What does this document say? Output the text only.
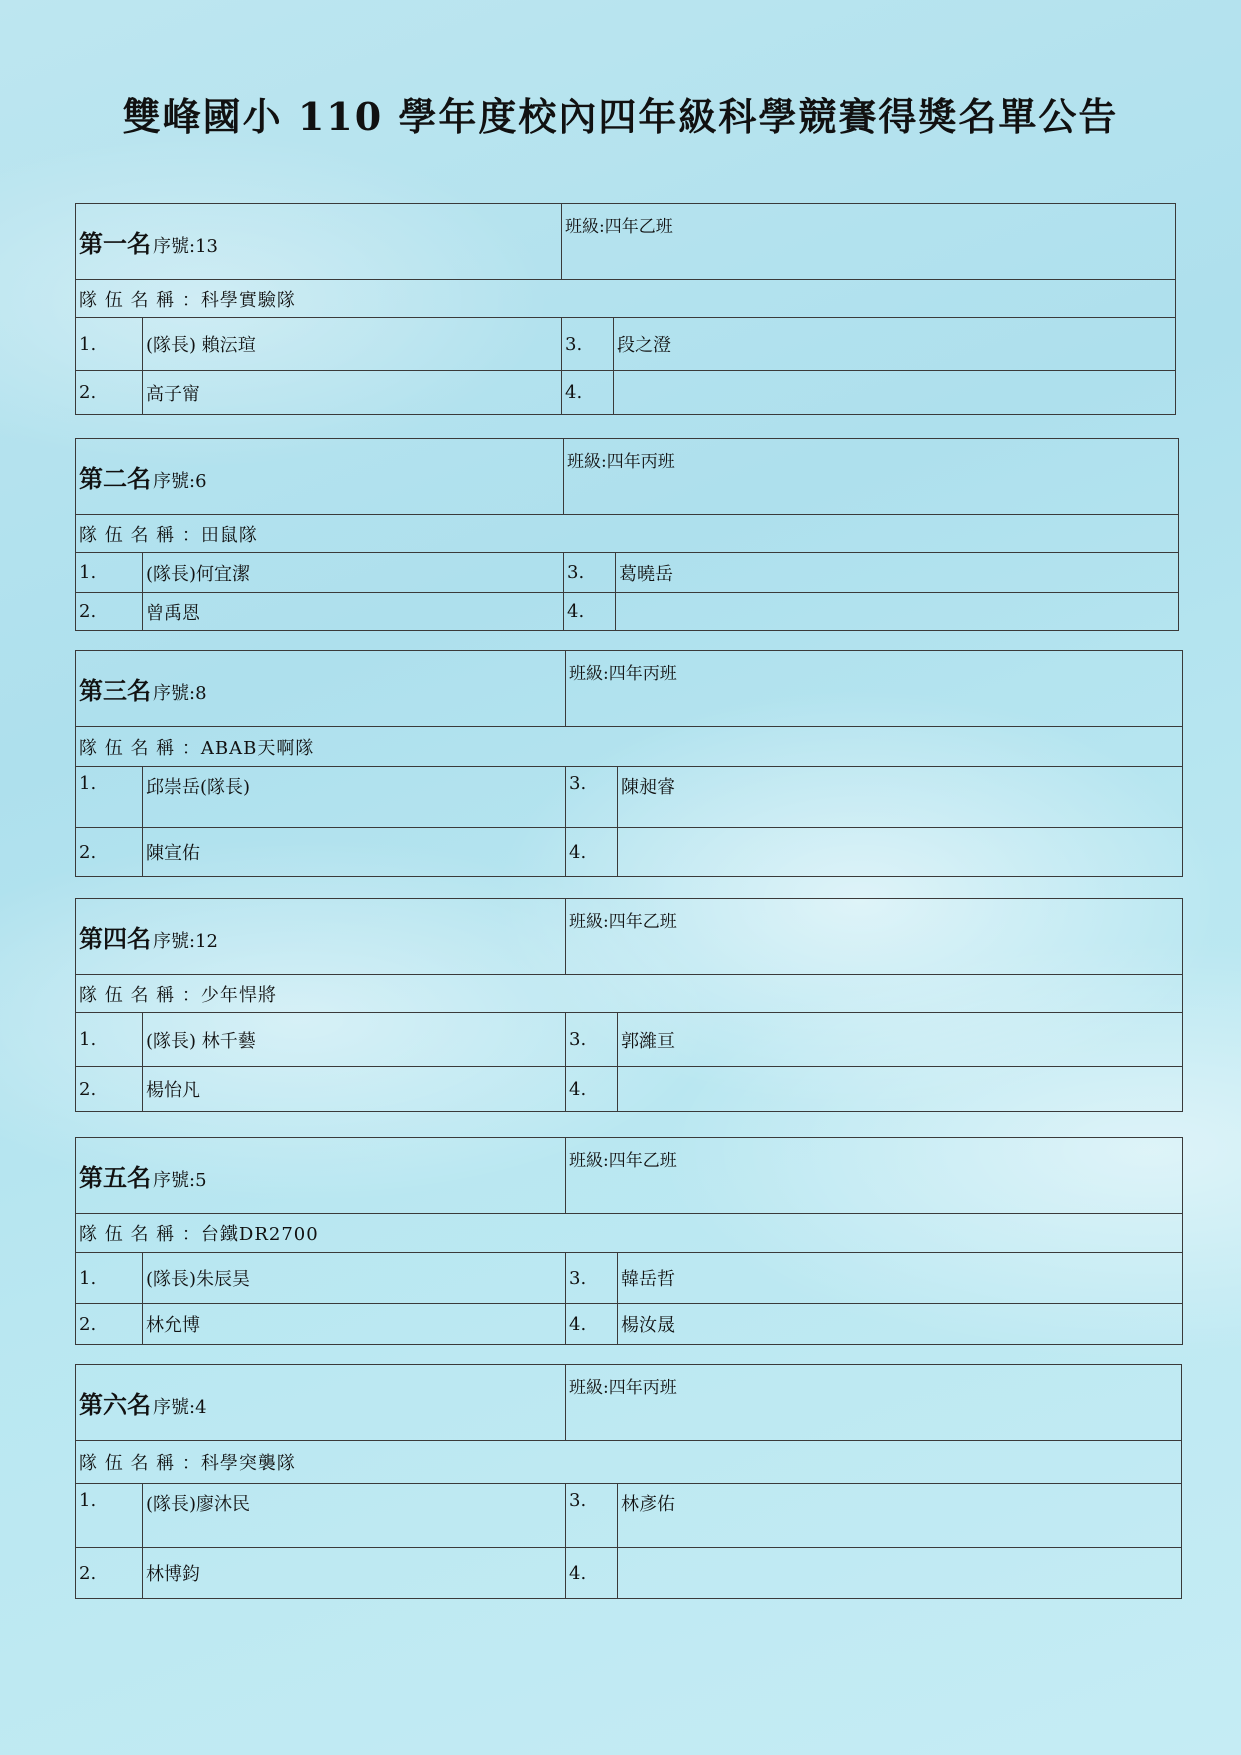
雙峰國小 110 學年度校內四年級科學競賽得獎名單公告
第一名 序號:13		班級:四年乙班	
隊 伍 名 稱 ：科學實驗隊			
1.	(隊長) 賴沄瑄	3.	段之澄
2.	高子甯	4.	
第二名 序號:6		班級:四年丙班	
隊 伍 名 稱 ：田鼠隊			
1.	(隊長)何宜潔	3.	葛曉岳
2.	曾禹恩	4.	
第三名 序號:8		班級:四年丙班	
隊 伍 名 稱 ：ABAB天啊隊			
1.	邱崇岳(隊長)	3.	陳昶睿
2.	陳宣佑	4.	
第四名 序號:12		班級:四年乙班	
隊 伍 名 稱 ：少年悍將			
1.	(隊長) 林千藝	3.	郭濰亘
2.	楊怡凡	4.	
第五名 序號:5		班級:四年乙班	
隊 伍 名 稱 ：台鐵DR2700			
1.	(隊長)朱辰昊	3.	韓岳哲
2.	林允博	4.	楊汝晟
第六名 序號:4		班級:四年丙班	
隊 伍 名 稱 ：科學突襲隊			
1.	(隊長)廖沐民	3.	林彥佑
2.	林博鈞	4.	
